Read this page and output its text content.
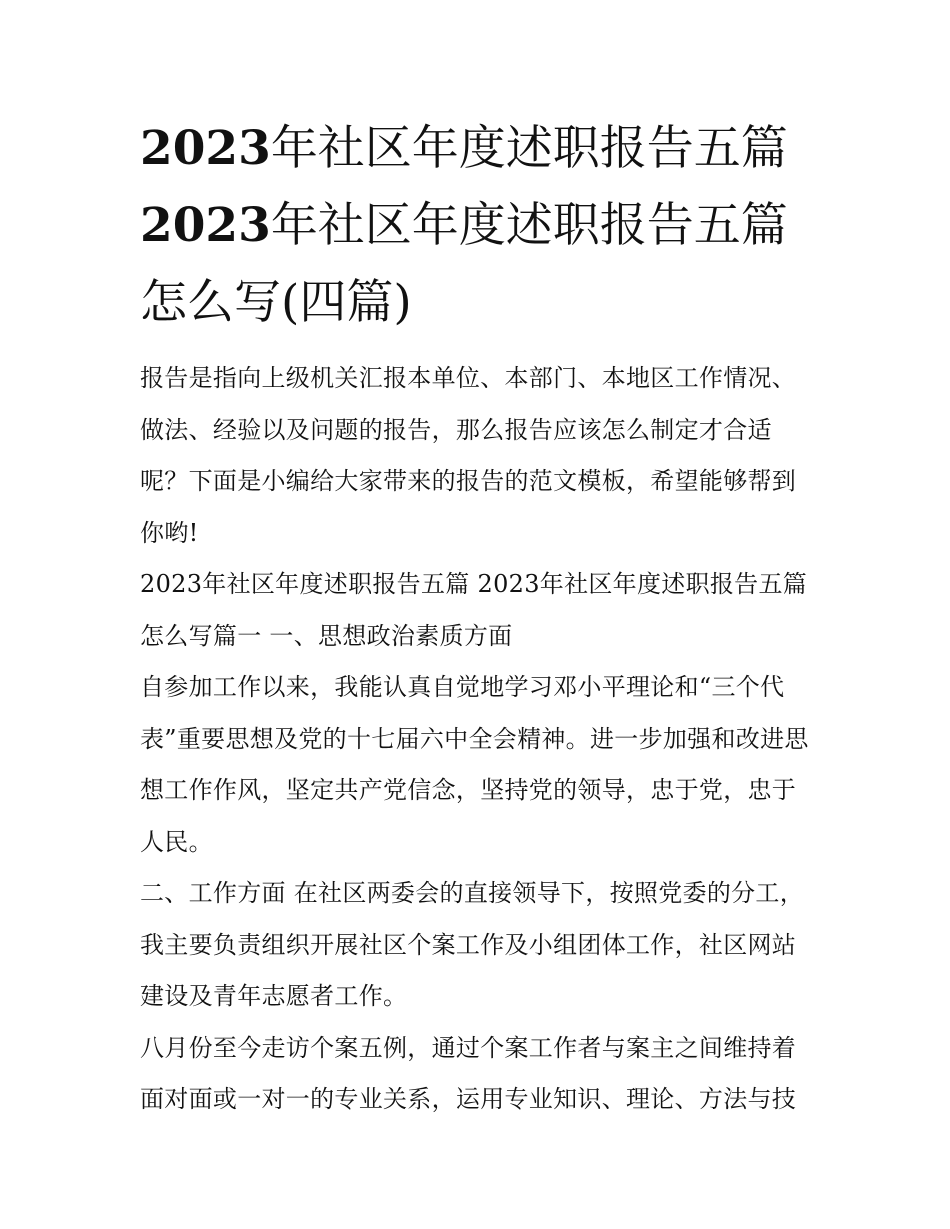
2023年社区年度述职报告五篇
2023年社区年度述职报告五篇
怎么写(四篇)

报告是指向上级机关汇报本单位、本部门、本地区工作情况、做法、经验以及问题的报告，那么报告应该怎么制定才合适呢？下面是小编给大家带来的报告的范文模板，希望能够帮到你哟!

2023年社区年度述职报告五篇 2023年社区年度述职报告五篇怎么写篇一 一、思想政治素质方面

自参加工作以来，我能认真自觉地学习邓小平理论和“三个代表”重要思想及党的十七届六中全会精神。进一步加强和改进思想工作作风，坚定共产党信念，坚持党的领导，忠于党，忠于人民。

二、工作方面 在社区两委会的直接领导下，按照党委的分工，我主要负责组织开展社区个案工作及小组团体工作，社区网站建设及青年志愿者工作。

八月份至今走访个案五例，通过个案工作者与案主之间维持着面对面或一对一的专业关系，运用专业知识、理论、方法与技
